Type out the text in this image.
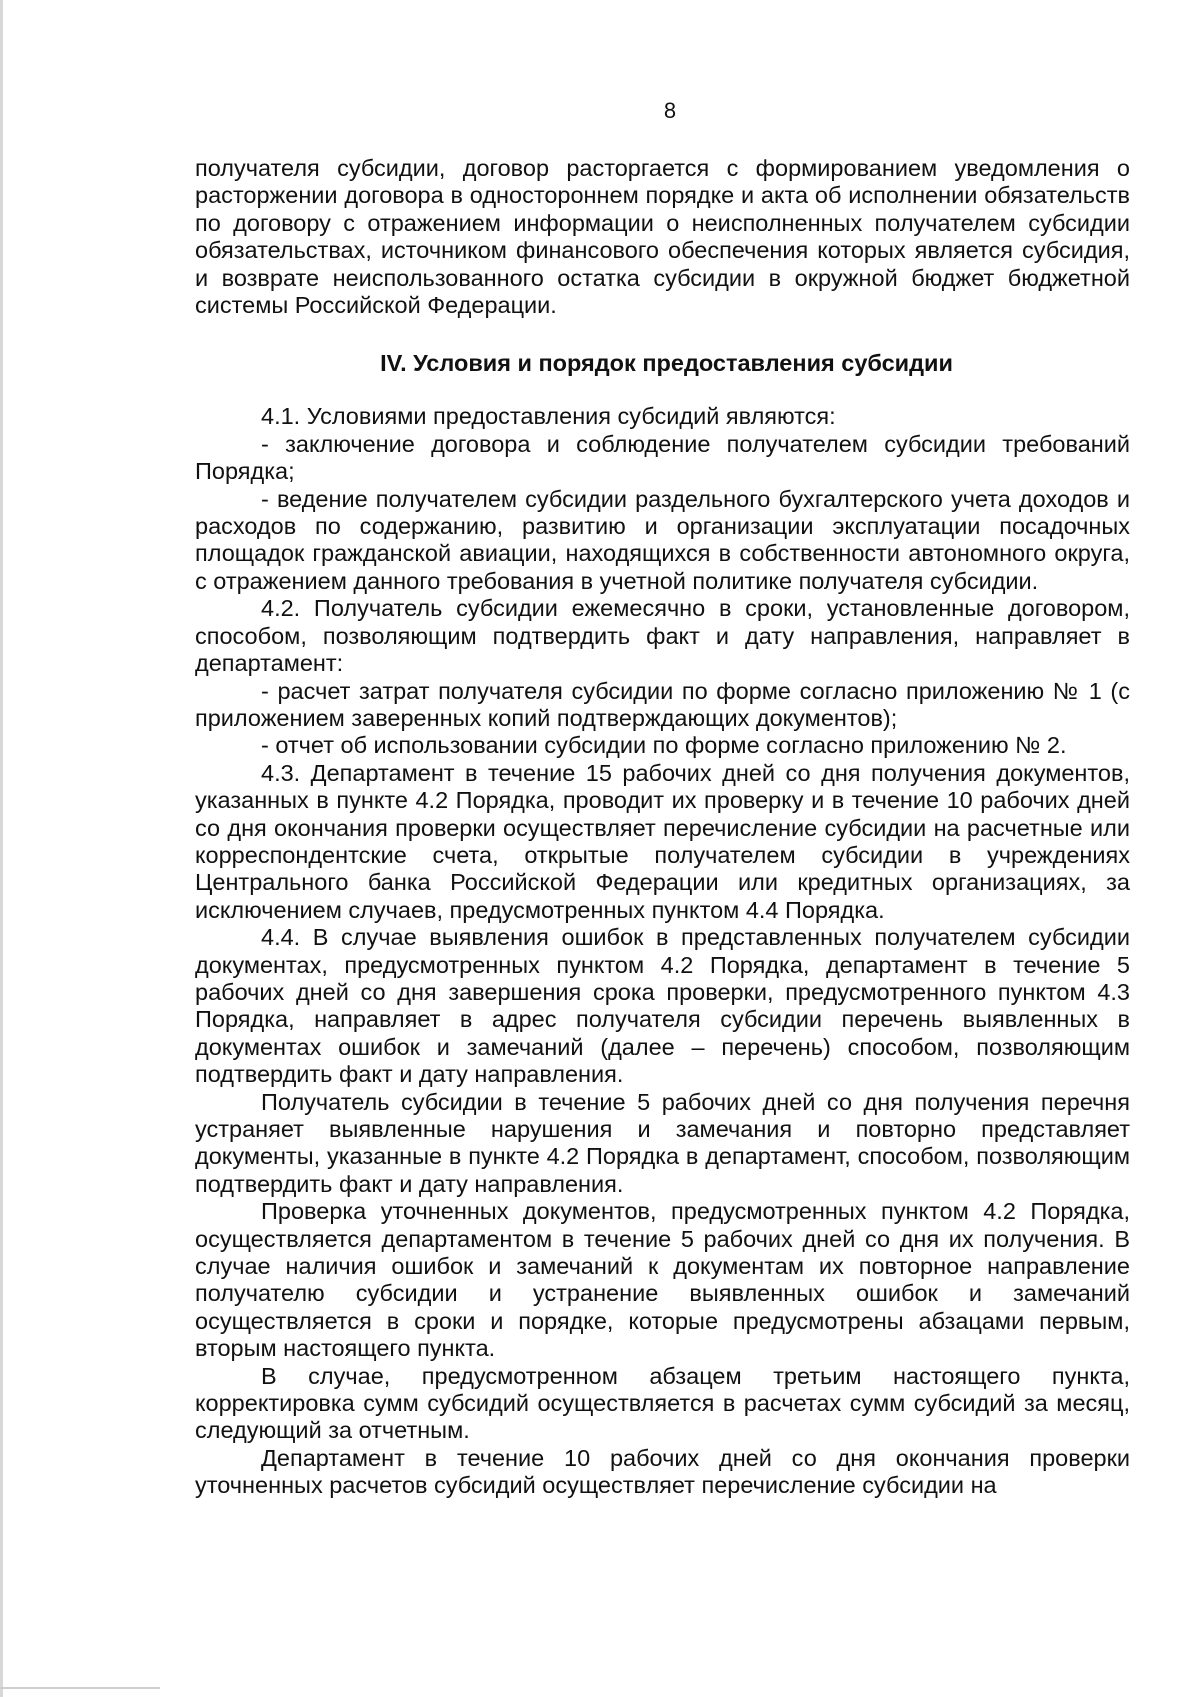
8

получателя субсидии, договор расторгается с формированием уведомления о расторжении договора в одностороннем порядке и акта об исполнении обязательств по договору с отражением информации о неисполненных получателем субсидии обязательствах, источником финансового обеспечения которых является субсидия, и возврате неиспользованного остатка субсидии в окружной бюджет бюджетной системы Российской Федерации.

IV. Условия и порядок предоставления субсидии

4.1. Условиями предоставления субсидий являются:

- заключение договора и соблюдение получателем субсидии требований Порядка;

- ведение получателем субсидии раздельного бухгалтерского учета доходов и расходов по содержанию, развитию и организации эксплуатации посадочных площадок гражданской авиации, находящихся в собственности автономного округа, с отражением данного требования в учетной политике получателя субсидии.

4.2. Получатель субсидии ежемесячно в сроки, установленные договором, способом, позволяющим подтвердить факт и дату направления, направляет в департамент:

- расчет затрат получателя субсидии по форме согласно приложению № 1 (с приложением заверенных копий подтверждающих документов);

- отчет об использовании субсидии по форме согласно приложению № 2.

4.3. Департамент в течение 15 рабочих дней со дня получения документов, указанных в пункте 4.2 Порядка, проводит их проверку и в течение 10 рабочих дней со дня окончания проверки осуществляет перечисление субсидии на расчетные или корреспондентские счета, открытые получателем субсидии в учреждениях Центрального банка Российской Федерации или кредитных организациях, за исключением случаев, предусмотренных пунктом 4.4 Порядка.

4.4. В случае выявления ошибок в представленных получателем субсидии документах, предусмотренных пунктом 4.2 Порядка, департамент в течение 5 рабочих дней со дня завершения срока проверки, предусмотренного пунктом 4.3 Порядка, направляет в адрес получателя субсидии перечень выявленных в документах ошибок и замечаний (далее – перечень) способом, позволяющим подтвердить факт и дату направления.

Получатель субсидии в течение 5 рабочих дней со дня получения перечня устраняет выявленные нарушения и замечания и повторно представляет документы, указанные в пункте 4.2 Порядка в департамент, способом, позволяющим подтвердить факт и дату направления.

Проверка уточненных документов, предусмотренных пунктом 4.2 Порядка, осуществляется департаментом в течение 5 рабочих дней со дня их получения. В случае наличия ошибок и замечаний к документам их повторное направление получателю субсидии и устранение выявленных ошибок и замечаний осуществляется в сроки и порядке, которые предусмотрены абзацами первым, вторым настоящего пункта.

В случае, предусмотренном абзацем третьим настоящего пункта, корректировка сумм субсидий осуществляется в расчетах сумм субсидий за месяц, следующий за отчетным.

Департамент в течение 10 рабочих дней со дня окончания проверки уточненных расчетов субсидий осуществляет перечисление субсидии на
